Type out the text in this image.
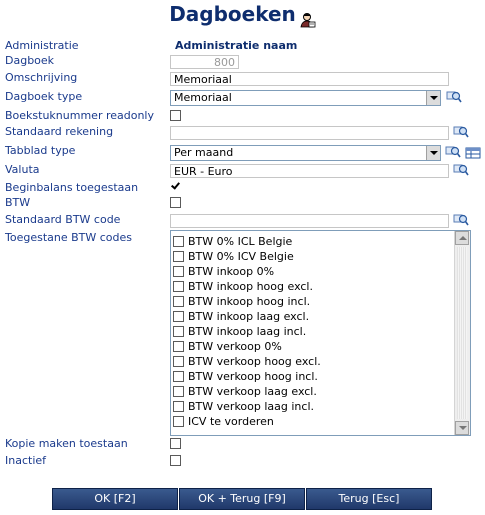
Dagboeken
Administratie	Administratie naam
Dagboek	800
Omschrijving	Memoriaal
Dagboek type	Memoriaal
Boekstuknummer readonly
Standaard rekening
Tabblad type	Per maand
Valuta	EUR - Euro
Beginbalans toegestaan
BTW
Standaard BTW code
Toegestane BTW codes	BTW 0% ICL Belgie
BTW 0% ICV Belgie
BTW inkoop 0%
BTW inkoop hoog excl.
BTW inkoop hoog incl.
BTW inkoop laag excl.
BTW inkoop laag incl.
BTW verkoop 0%
BTW verkoop hoog excl.
BTW verkoop hoog incl.
BTW verkoop laag excl.
BTW verkoop laag incl.
ICV te vorderen
Kopie maken toestaan
Inactief
OK [F2]	OK + Terug [F9]	Terug [Esc]
